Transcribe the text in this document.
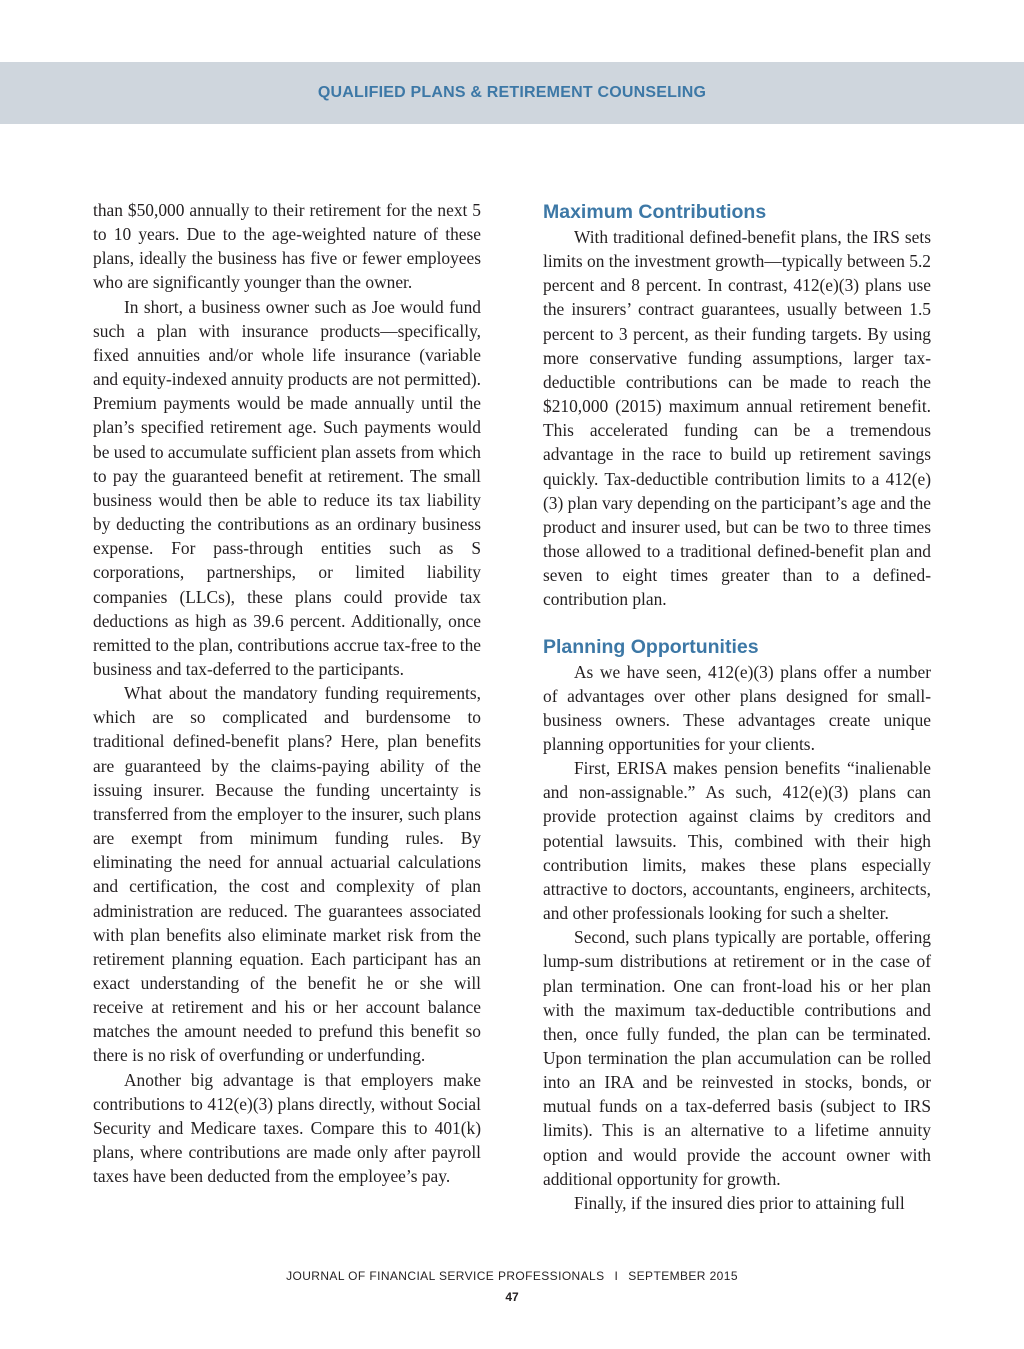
QUALIFIED PLANS & RETIREMENT COUNSELING

than $50,000 annually to their retirement for the next 5 to 10 years. Due to the age-weighted nature of these plans, ideally the business has five or fewer employees who are significantly younger than the owner.

In short, a business owner such as Joe would fund such a plan with insurance products—specifically, fixed annuities and/or whole life insurance (variable and equity-indexed annuity products are not permitted). Premium payments would be made annually until the plan’s specified retirement age. Such payments would be used to accumulate sufficient plan assets from which to pay the guaranteed benefit at retirement. The small business would then be able to reduce its tax liability by deducting the contributions as an ordinary business expense. For pass-through entities such as S corporations, partnerships, or limited liability companies (LLCs), these plans could provide tax deductions as high as 39.6 percent. Additionally, once remitted to the plan, contributions accrue tax-free to the business and tax-deferred to the participants.

What about the mandatory funding requirements, which are so complicated and burdensome to traditional defined-benefit plans? Here, plan benefits are guaranteed by the claims-paying ability of the issuing insurer. Because the funding uncertainty is transferred from the employer to the insurer, such plans are exempt from minimum funding rules. By eliminating the need for annual actuarial calculations and certification, the cost and complexity of plan administration are reduced. The guarantees associated with plan benefits also eliminate market risk from the retirement planning equation. Each participant has an exact understanding of the benefit he or she will receive at retirement and his or her account balance matches the amount needed to prefund this benefit so there is no risk of overfunding or underfunding.

Another big advantage is that employers make contributions to 412(e)(3) plans directly, without Social Security and Medicare taxes. Compare this to 401(k) plans, where contributions are made only after payroll taxes have been deducted from the employee’s pay.

Maximum Contributions

With traditional defined-benefit plans, the IRS sets limits on the investment growth—typically between 5.2 percent and 8 percent. In contrast, 412(e)(3) plans use the insurers’ contract guarantees, usually between 1.5 percent to 3 percent, as their funding targets. By using more conservative funding assumptions, larger tax-deductible contributions can be made to reach the $210,000 (2015) maximum annual retirement benefit. This accelerated funding can be a tremendous advantage in the race to build up retirement savings quickly. Tax-deductible contribution limits to a 412(e)(3) plan vary depending on the participant’s age and the product and insurer used, but can be two to three times those allowed to a traditional defined-benefit plan and seven to eight times greater than to a defined-contribution plan.

Planning Opportunities

As we have seen, 412(e)(3) plans offer a number of advantages over other plans designed for small-business owners. These advantages create unique planning opportunities for your clients.

First, ERISA makes pension benefits “inalienable and non-assignable.” As such, 412(e)(3) plans can provide protection against claims by creditors and potential lawsuits. This, combined with their high contribution limits, makes these plans especially attractive to doctors, accountants, engineers, architects, and other professionals looking for such a shelter.

Second, such plans typically are portable, offering lump-sum distributions at retirement or in the case of plan termination. One can front-load his or her plan with the maximum tax-deductible contributions and then, once fully funded, the plan can be terminated. Upon termination the plan accumulation can be rolled into an IRA and be reinvested in stocks, bonds, or mutual funds on a tax-deferred basis (subject to IRS limits). This is an alternative to a lifetime annuity option and would provide the account owner with additional opportunity for growth.

Finally, if the insured dies prior to attaining full

JOURNAL OF FINANCIAL SERVICE PROFESSIONALS I SEPTEMBER 2015
47
